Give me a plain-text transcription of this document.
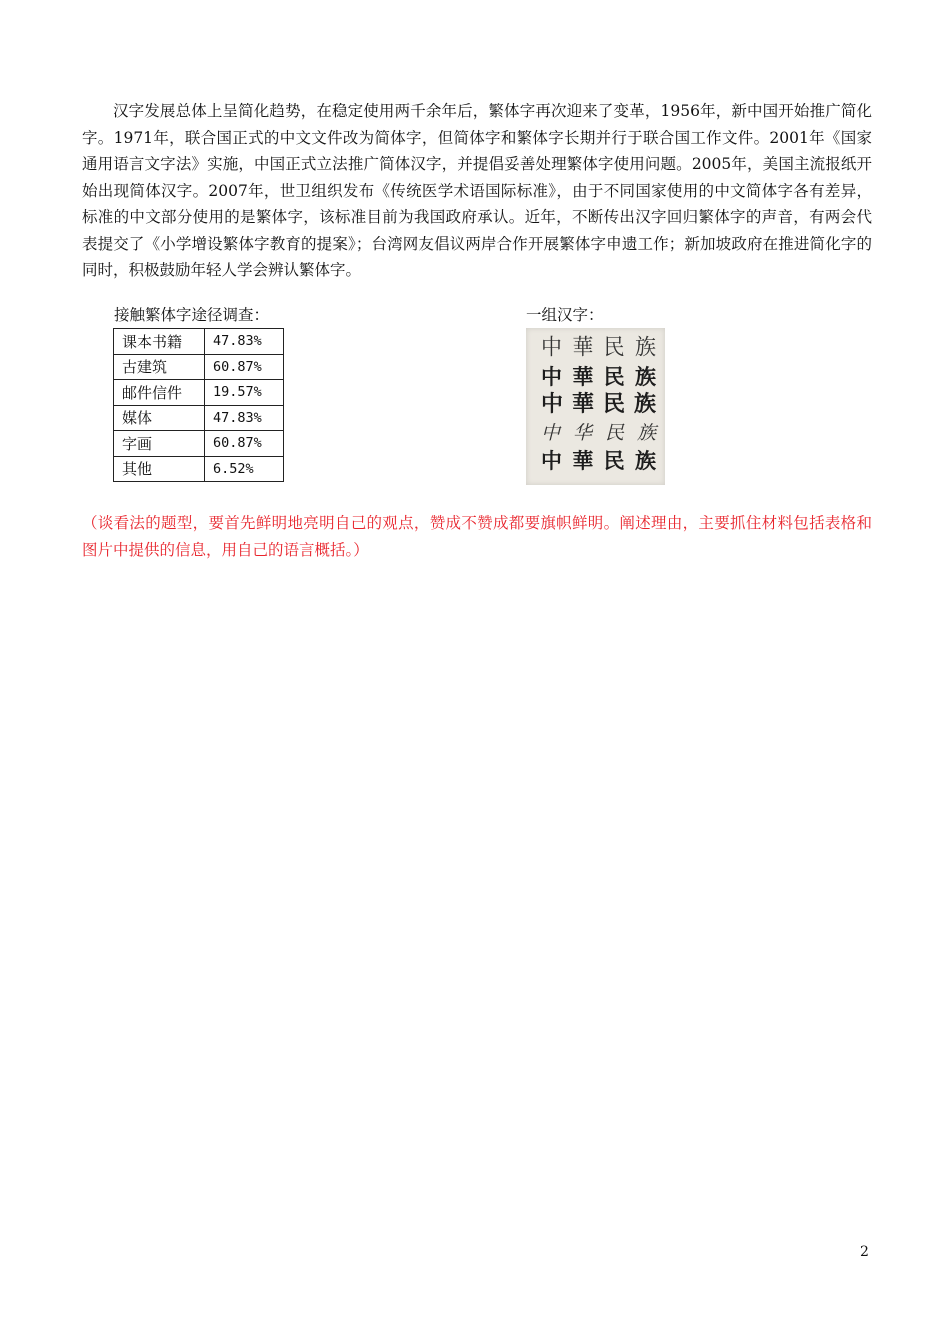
汉字发展总体上呈简化趋势，在稳定使用两千余年后，繁体字再次迎来了变革，1956年，新中国开始推广简化字。1971年，联合国正式的中文文件改为简体字，但简体字和繁体字长期并行于联合国工作文件。2001年《国家通用语言文字法》实施，中国正式立法推广简体汉字，并提倡妥善处理繁体字使用问题。2005年，美国主流报纸开始出现简体汉字。2007年，世卫组织发布《传统医学术语国际标准》，由于不同国家使用的中文简体字各有差异，标准的中文部分使用的是繁体字，该标准目前为我国政府承认。近年，不断传出汉字回归繁体字的声音，有两会代表提交了《小学增设繁体字教育的提案》；台湾网友倡议两岸合作开展繁体字申遗工作；新加坡政府在推进简化字的同时，积极鼓励年轻人学会辨认繁体字。

接触繁体字途径调查：
课本书籍	47.83%
古建筑	60.87%
邮件信件	19.57%
媒体	47.83%
字画	60.87%
其他	6.52%
一组汉字：
中 華 民 族
中 華 民 族
中 華 民 族
中 华 民 族
中 華 民 族

（谈看法的题型，要首先鲜明地亮明自己的观点，赞成不赞成都要旗帜鲜明。阐述理由，主要抓住材料包括表格和图片中提供的信息，用自己的语言概括。）

2
